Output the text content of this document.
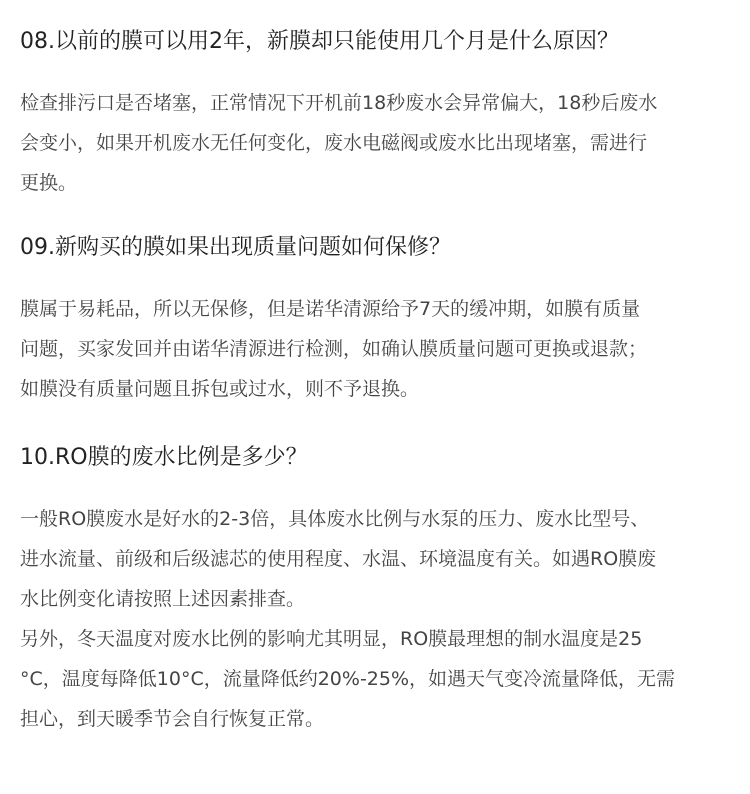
08.以前的膜可以用2年，新膜却只能使用几个月是什么原因？
检查排污口是否堵塞，正常情况下开机前18秒废水会异常偏大，18秒后废水
会变小，如果开机废水无任何变化，废水电磁阀或废水比出现堵塞，需进行
更换。
09.新购买的膜如果出现质量问题如何保修？
膜属于易耗品，所以无保修，但是诺华清源给予7天的缓冲期，如膜有质量
问题，买家发回并由诺华清源进行检测，如确认膜质量问题可更换或退款；
如膜没有质量问题且拆包或过水，则不予退换。
10.RO膜的废水比例是多少？
一般RO膜废水是好水的2-3倍，具体废水比例与水泵的压力、废水比型号、
进水流量、前级和后级滤芯的使用程度、水温、环境温度有关。如遇RO膜废
水比例变化请按照上述因素排查。
另外，冬天温度对废水比例的影响尤其明显，RO膜最理想的制水温度是25
°C，温度每降低10°C，流量降低约20%-25%，如遇天气变冷流量降低，无需
担心，到天暖季节会自行恢复正常。
